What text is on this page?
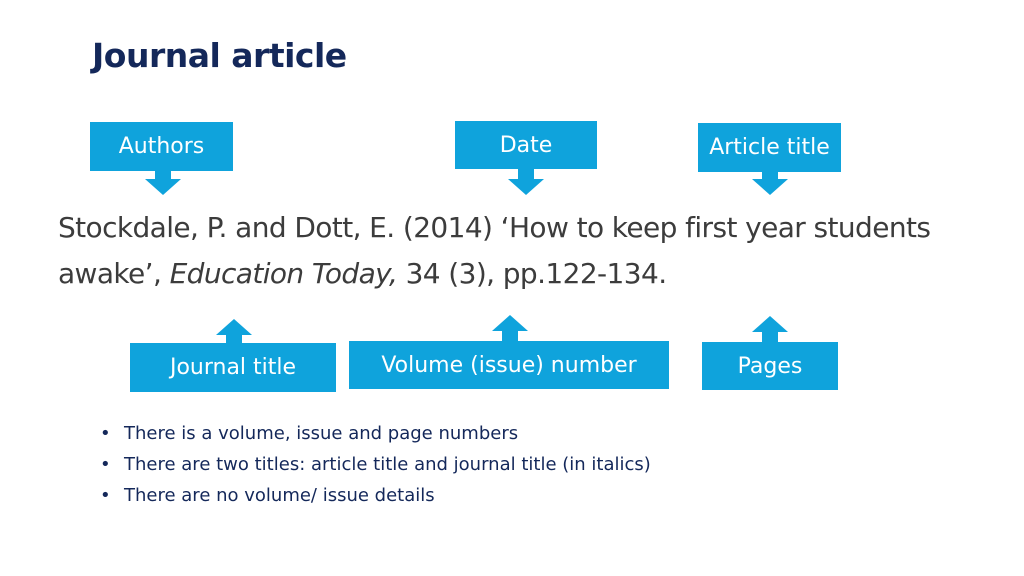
Journal article
Authors	Date	Article title
Stockdale, P. and Dott, E. (2014) ‘How to keep first year students
awake’, Education Today, 34 (3), pp.122-134.
Journal title	Volume (issue) number	Pages
• There is a volume, issue and page numbers
• There are two titles: article title and journal title (in italics)
• There are no volume/ issue details
